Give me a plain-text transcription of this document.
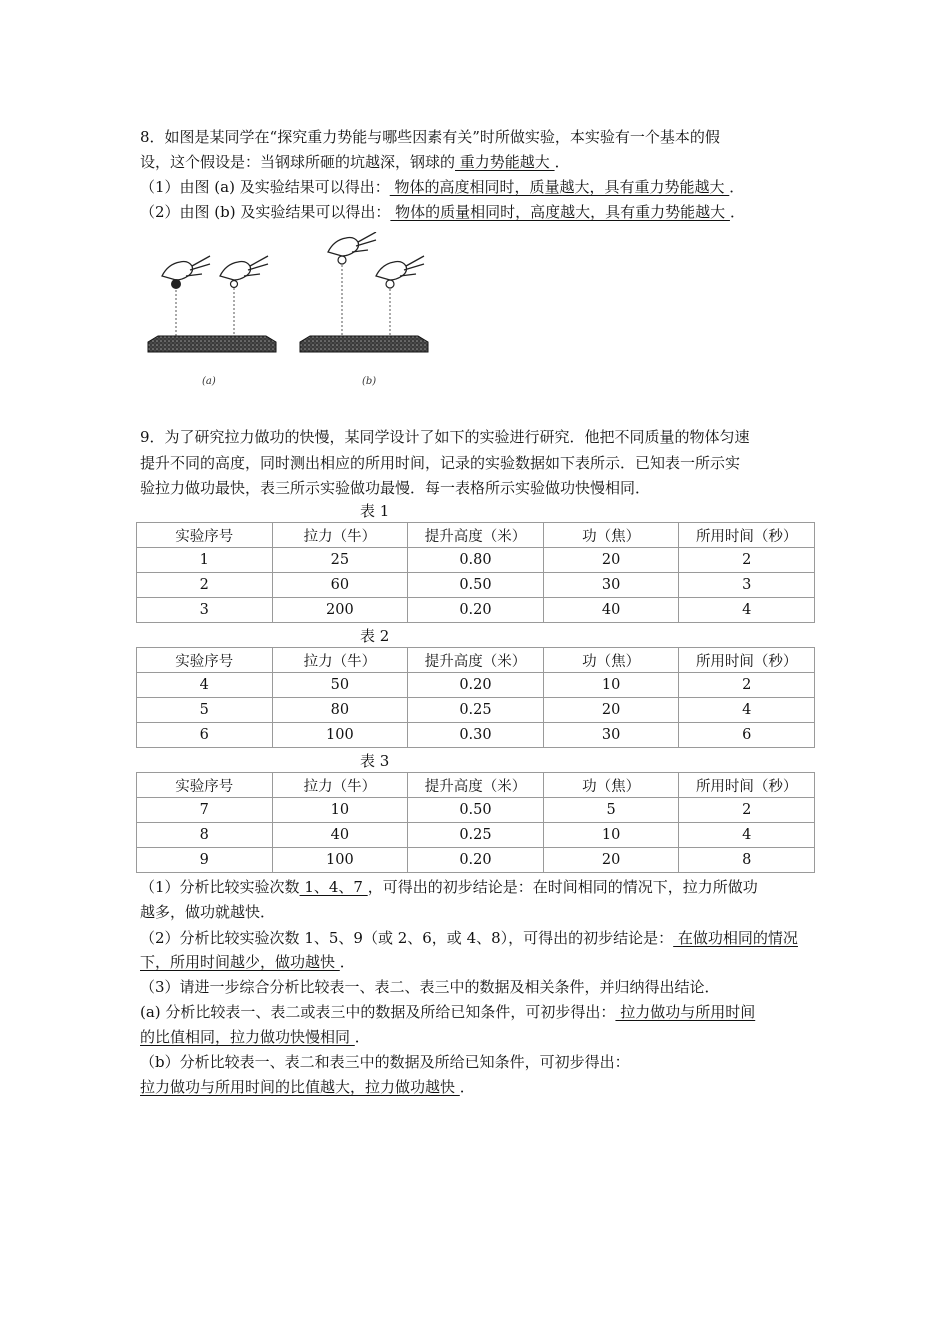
8．如图是某同学在“探究重力势能与哪些因素有关”时所做实验，本实验有一个基本的假
设，这个假设是：当钢球所砸的坑越深，钢球的 重力势能越大 ．
（1）由图 (a) 及实验结果可以得出： 物体的高度相同时，质量越大，具有重力势能越大 ．
（2）由图 (b) 及实验结果可以得出： 物体的质量相同时，高度越大，具有重力势能越大 ．
(a)	(b)
9．为了研究拉力做功的快慢，某同学设计了如下的实验进行研究．他把不同质量的物体匀速
提升不同的高度，同时测出相应的所用时间，记录的实验数据如下表所示．已知表一所示实
验拉力做功最快，表三所示实验做功最慢．每一表格所示实验做功快慢相同．
表 1
实验序号	拉力（牛）	提升高度（米）	功（焦）	所用时间（秒）
1	25	0.80	20	2
2	60	0.50	30	3
3	200	0.20	40	4
表 2
实验序号	拉力（牛）	提升高度（米）	功（焦）	所用时间（秒）
4	50	0.20	10	2
5	80	0.25	20	4
6	100	0.30	30	6
表 3
实验序号	拉力（牛）	提升高度（米）	功（焦）	所用时间（秒）
7	10	0.50	5	2
8	40	0.25	10	4
9	100	0.20	20	8
（1）分析比较实验次数 1、4、7 ，可得出的初步结论是：在时间相同的情况下，拉力所做功
越多，做功就越快．
（2）分析比较实验次数 1、5、9（或 2、6，或 4、8），可得出的初步结论是： 在做功相同的情况
下，所用时间越少，做功越快 ．
（3）请进一步综合分析比较表一、表二、表三中的数据及相关条件，并归纳得出结论．
(a) 分析比较表一、表二或表三中的数据及所给已知条件，可初步得出： 拉力做功与所用时间
的比值相同，拉力做功快慢相同 ．
（b）分析比较表一、表二和表三中的数据及所给已知条件，可初步得出：
拉力做功与所用时间的比值越大，拉力做功越快 ．
